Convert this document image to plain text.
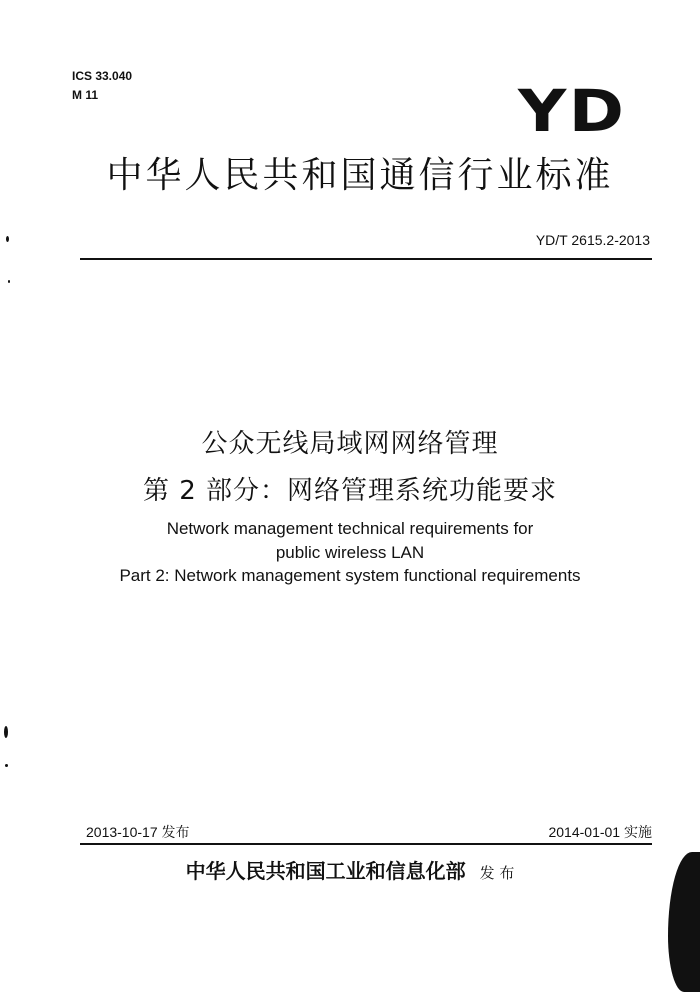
ICS 33.040
M 11	YD
中华人民共和国通信行业标准
YD/T 2615.2-2013
公众无线局域网网络管理
第 2 部分：网络管理系统功能要求
Network management technical requirements for
public wireless LAN
Part 2: Network management system functional requirements
2013-10-17 发布	2014-01-01 实施
中华人民共和国工业和信息化部 发 布
